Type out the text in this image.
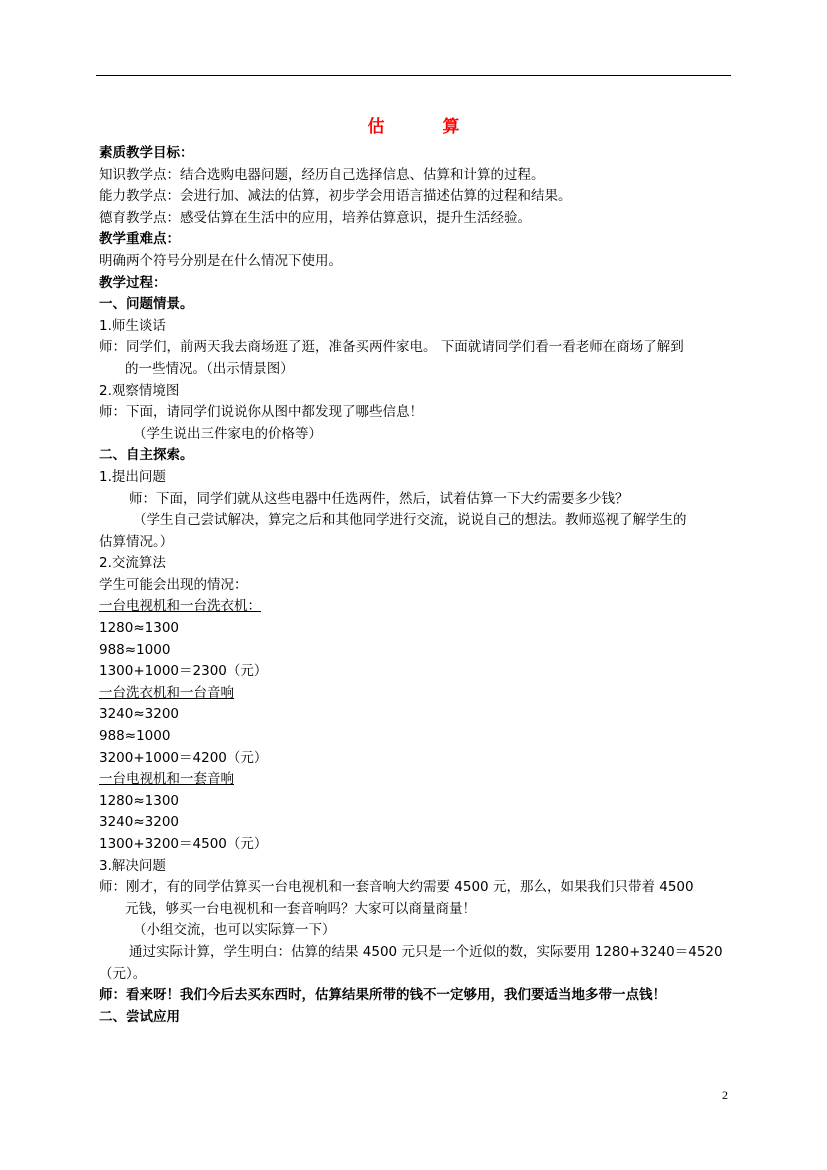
估 算
素质教学目标：
知识教学点：结合选购电器问题，经历自己选择信息、估算和计算的过程。
能力教学点：会进行加、减法的估算，初步学会用语言描述估算的过程和结果。
德育教学点：感受估算在生活中的应用，培养估算意识，提升生活经验。
教学重难点：
明确两个符号分别是在什么情况下使用。
教学过程：
一、问题情景。
1.师生谈话
师：同学们，前两天我去商场逛了逛，准备买两件家电。 下面就请同学们看一看老师在商场了解到
的一些情况。（出示情景图）
2.观察情境图
师：下面，请同学们说说你从图中都发现了哪些信息！
（学生说出三件家电的价格等）
二、自主探索。
1.提出问题
师：下面，同学们就从这些电器中任选两件，然后，试着估算一下大约需要多少钱？
（学生自己尝试解决，算完之后和其他同学进行交流，说说自己的想法。教师巡视了解学生的
估算情况。）
2.交流算法
学生可能会出现的情况：
一台电视机和一台洗衣机：
1280≈1300
988≈1000
1300+1000＝2300（元）
一台洗衣机和一台音响
3240≈3200
988≈1000
3200+1000＝4200（元）
一台电视机和一套音响
1280≈1300
3240≈3200
1300+3200＝4500（元）
3.解决问题
师：刚才，有的同学估算买一台电视机和一套音响大约需要 4500 元，那么，如果我们只带着 4500
元钱，够买一台电视机和一套音响吗？大家可以商量商量！
（小组交流，也可以实际算一下）
通过实际计算，学生明白：估算的结果 4500 元只是一个近似的数，实际要用 1280+3240＝4520
（元）。
师：看来呀！我们今后去买东西时，估算结果所带的钱不一定够用，我们要适当地多带一点钱！
二、尝试应用
2
